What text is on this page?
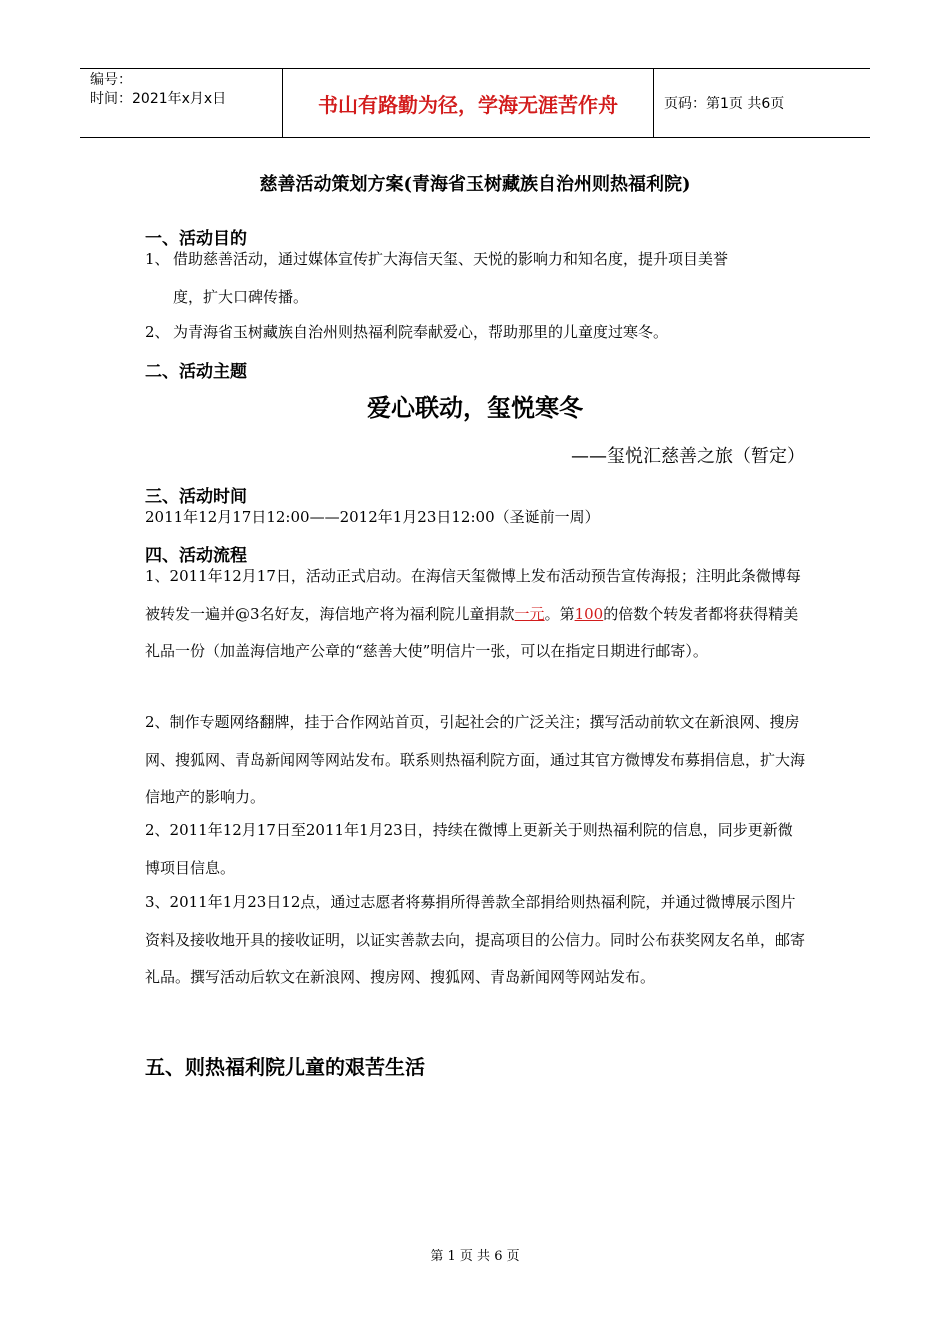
编号：
时间：2021年x月x日	书山有路勤为径，学海无涯苦作舟	页码：第1页 共6页
慈善活动策划方案(青海省玉树藏族自治州则热福利院)
一、活动目的
1、 借助慈善活动，通过媒体宣传扩大海信天玺、天悦的影响力和知名度，提升项目美誉
度，扩大口碑传播。
2、 为青海省玉树藏族自治州则热福利院奉献爱心，帮助那里的儿童度过寒冬。
二、活动主题
爱心联动，玺悦寒冬
——玺悦汇慈善之旅（暂定）
三、活动时间
2011年12月17日12:00——2012年1月23日12:00（圣诞前一周）
四、活动流程
1、2011年12月17日，活动正式启动。在海信天玺微博上发布活动预告宣传海报；注明此条微博每被转发一遍并@3名好友，海信地产将为福利院儿童捐款一元。第100的倍数个转发者都将获得精美礼品一份（加盖海信地产公章的“慈善大使”明信片一张，可以在指定日期进行邮寄）。
2、制作专题网络翻牌，挂于合作网站首页，引起社会的广泛关注；撰写活动前软文在新浪网、搜房网、搜狐网、青岛新闻网等网站发布。联系则热福利院方面，通过其官方微博发布募捐信息，扩大海信地产的影响力。
2、2011年12月17日至2011年1月23日，持续在微博上更新关于则热福利院的信息，同步更新微博项目信息。
3、2011年1月23日12点，通过志愿者将募捐所得善款全部捐给则热福利院，并通过微博展示图片资料及接收地开具的接收证明，以证实善款去向，提高项目的公信力。同时公布获奖网友名单，邮寄礼品。撰写活动后软文在新浪网、搜房网、搜狐网、青岛新闻网等网站发布。
五、则热福利院儿童的艰苦生活
第 1 页 共 6 页
